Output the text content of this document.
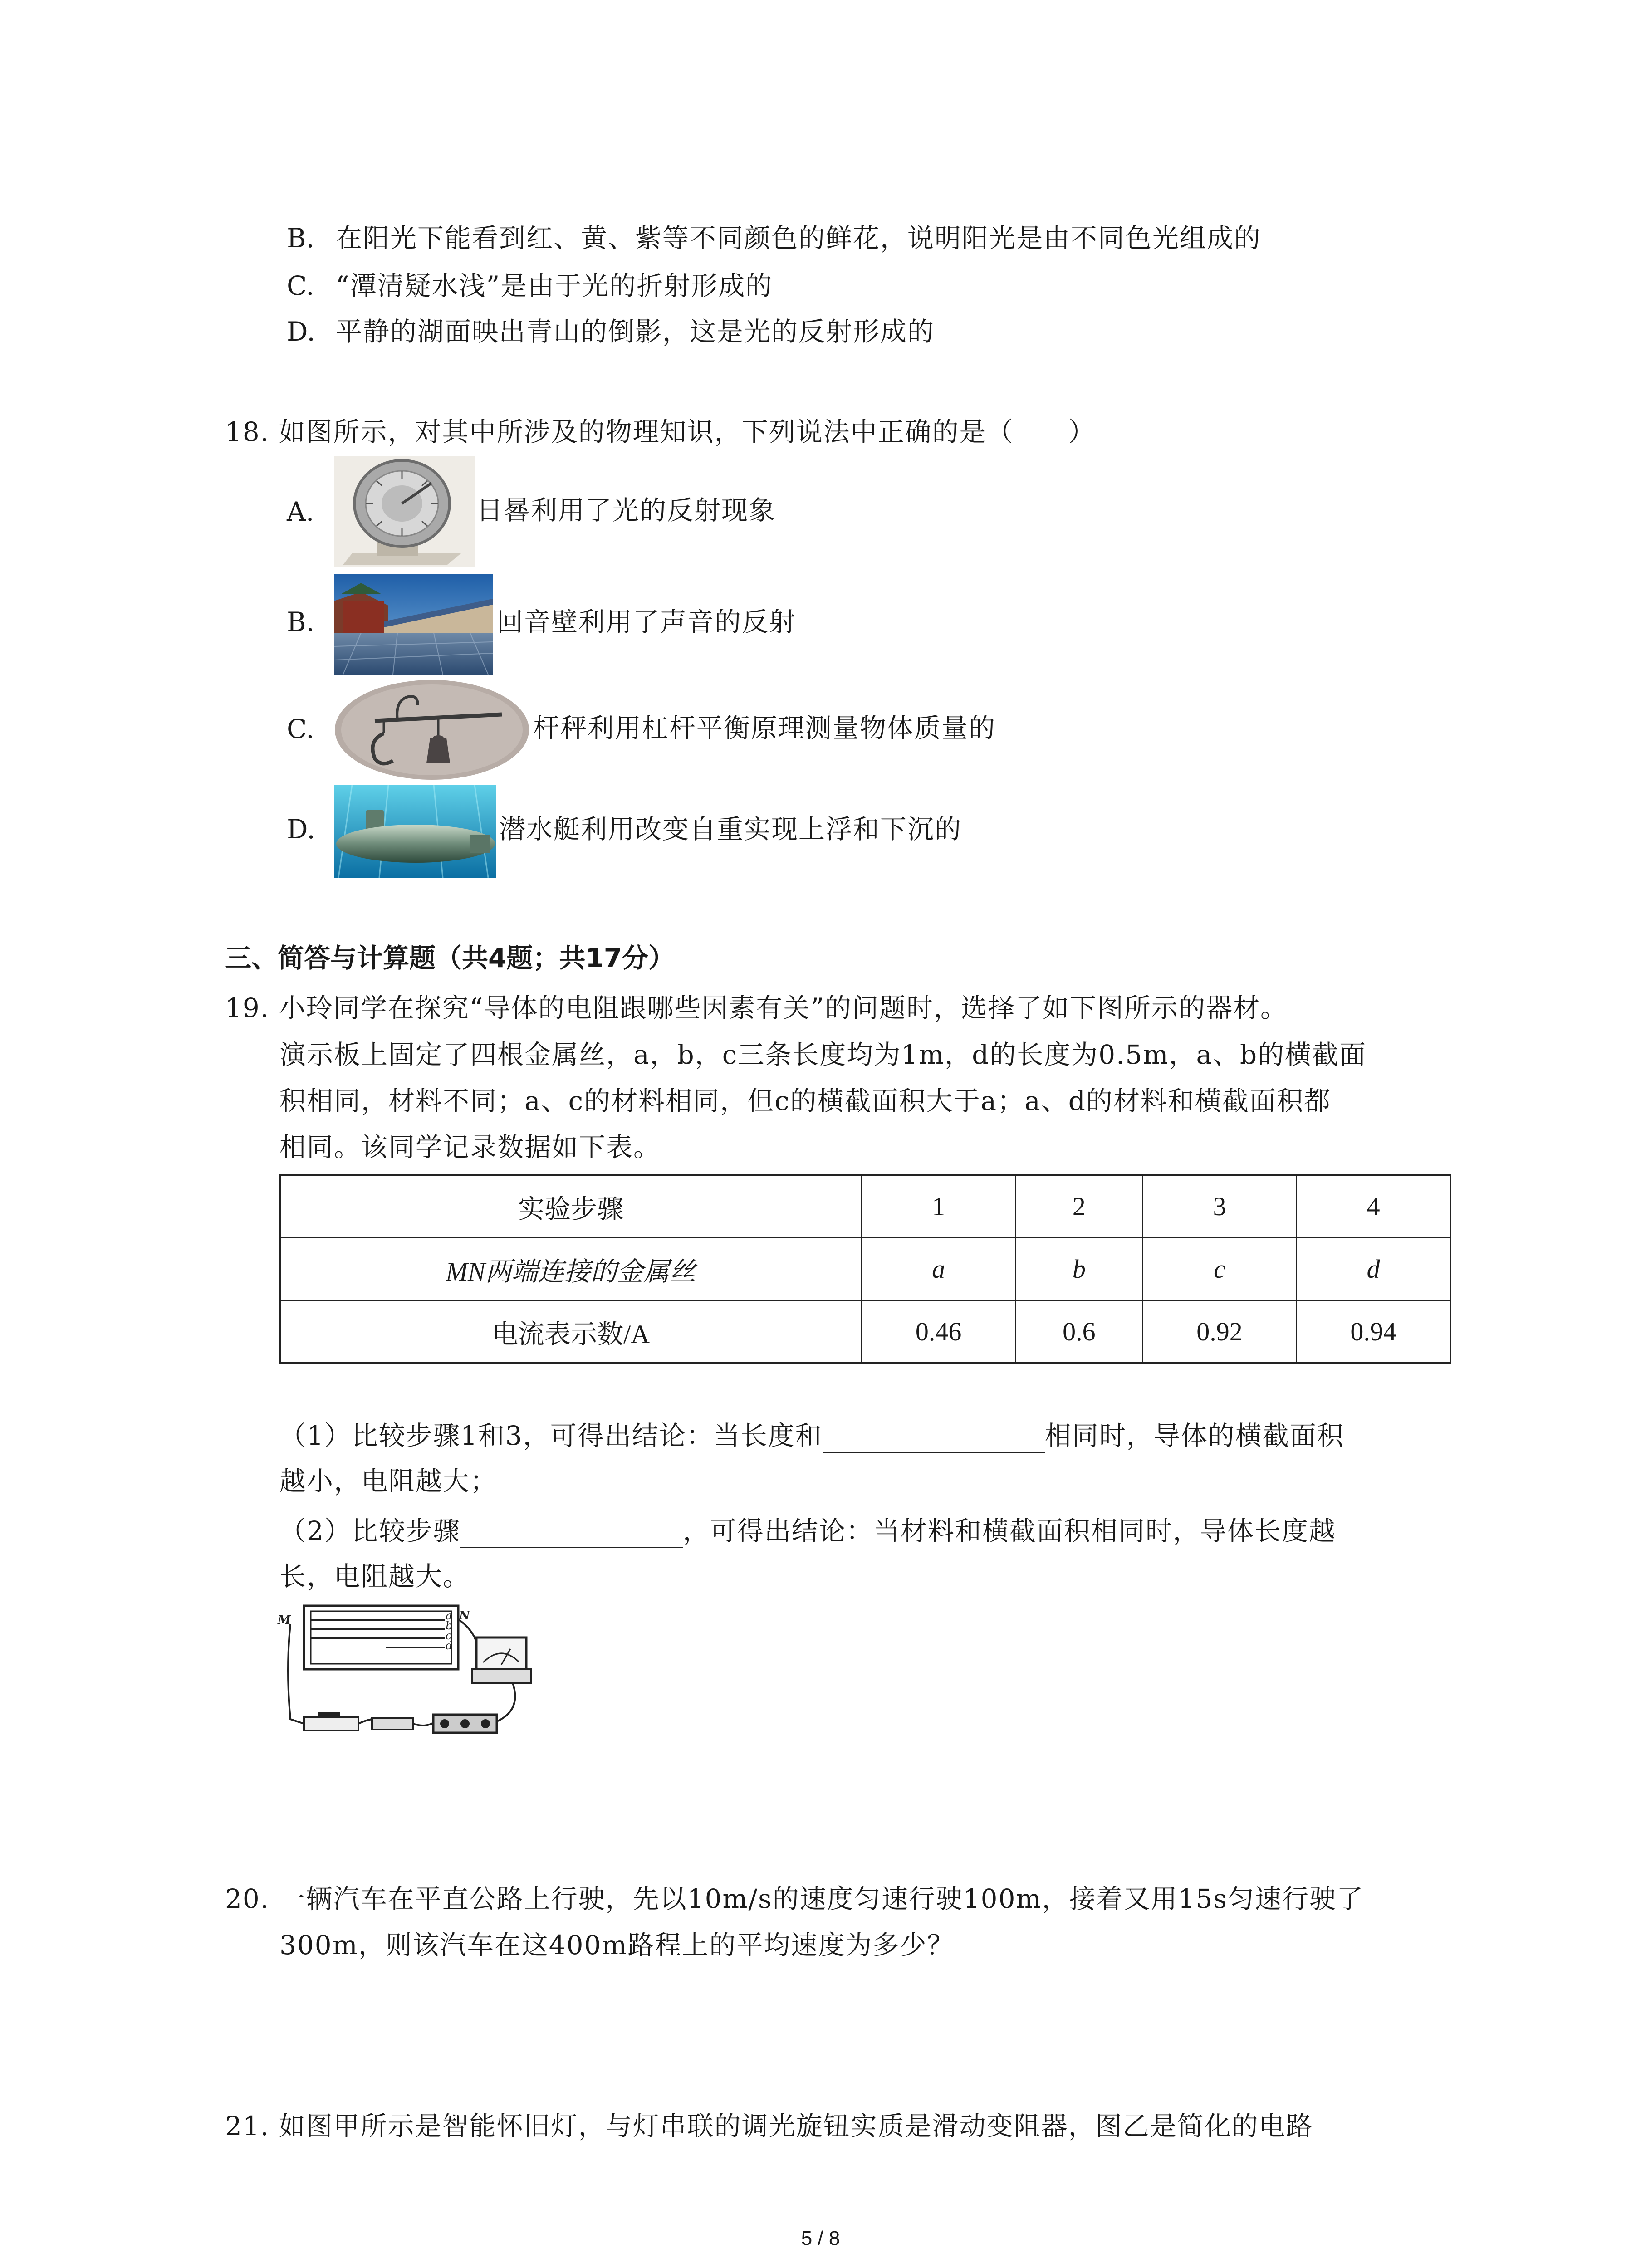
B. 在阳光下能看到红、黄、紫等不同颜色的鲜花，说明阳光是由不同色光组成的
C. “潭清疑水浅”是由于光的折射形成的
D. 平静的湖面映出青山的倒影，这是光的反射形成的
18. 如图所示，对其中所涉及的物理知识，下列说法中正确的是（　　）
A.	日晷利用了光的反射现象
B.	回音壁利用了声音的反射
C.	杆秤利用杠杆平衡原理测量物体质量的
D.	潜水艇利用改变自重实现上浮和下沉的
三、简答与计算题（共4题；共17分）
19. 小玲同学在探究“导体的电阻跟哪些因素有关”的问题时，选择了如下图所示的器材。
演示板上固定了四根金属丝，a，b，c三条长度均为1m，d的长度为0.5m，a、b的横截面
积相同，材料不同；a、c的材料相同，但c的横截面积大于a；a、d的材料和横截面积都
相同。该同学记录数据如下表。
实验步骤	1	2	3	4
MN两端连接的金属丝	a	b	c	d
电流表示数/A	0.46	0.6	0.92	0.94
（1）比较步骤1和3，可得出结论：当长度和	相同时，导体的横截面积
越小，电阻越大；
（2）比较步骤	，可得出结论：当材料和横截面积相同时，导体长度越
长，电阻越大。
a
b
c
d
M	N
20. 一辆汽车在平直公路上行驶，先以10m/s的速度匀速行驶100m，接着又用15s匀速行驶了
300m，则该汽车在这400m路程上的平均速度为多少？
21. 如图甲所示是智能怀旧灯，与灯串联的调光旋钮实质是滑动变阻器，图乙是简化的电路
5 / 8
